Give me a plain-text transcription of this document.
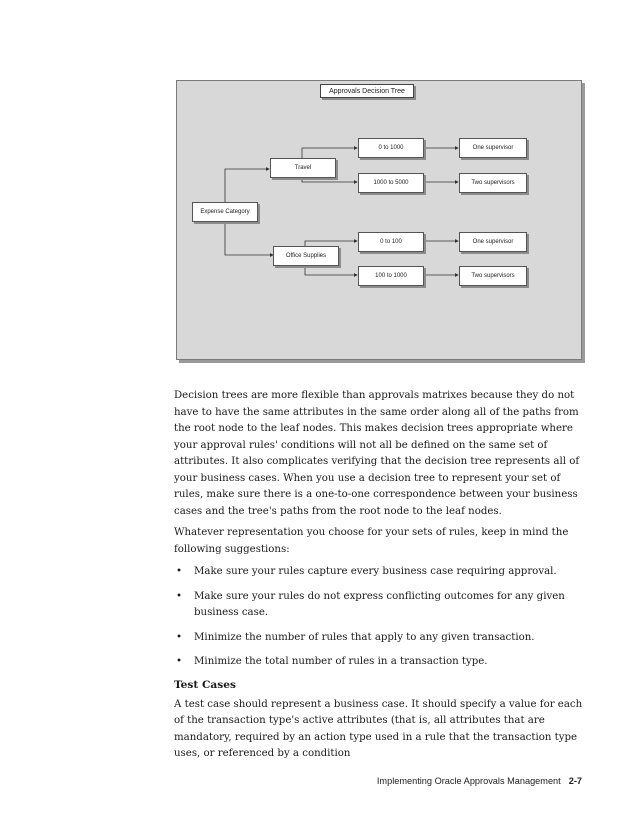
Approvals Decision Tree
Expense Category
Travel
Office Supplies
0 to 1000
1000 to 5000
0 to 100
100 to 1000
One supervisor
Two supervisors
One supervisor
Two supervisors

Decision trees are more flexible than approvals matrixes because they do not have to have the same attributes in the same order along all of the paths from the root node to the leaf nodes. This makes decision trees appropriate where your approval rules' conditions will not all be defined on the same set of attributes. It also complicates verifying that the decision tree represents all of your business cases. When you use a decision tree to represent your set of rules, make sure there is a one-to-one correspondence between your business cases and the tree's paths from the root node to the leaf nodes.

Whatever representation you choose for your sets of rules, keep in mind the following suggestions:

• Make sure your rules capture every business case requiring approval.
• Make sure your rules do not express conflicting outcomes for any given business case.
• Minimize the number of rules that apply to any given transaction.
• Minimize the total number of rules in a transaction type.
Test Cases

A test case should represent a business case. It should specify a value for each of the transaction type's active attributes (that is, all attributes that are mandatory, required by an action type used in a rule that the transaction type uses, or referenced by a condition

Implementing Oracle Approvals Management 2-7
